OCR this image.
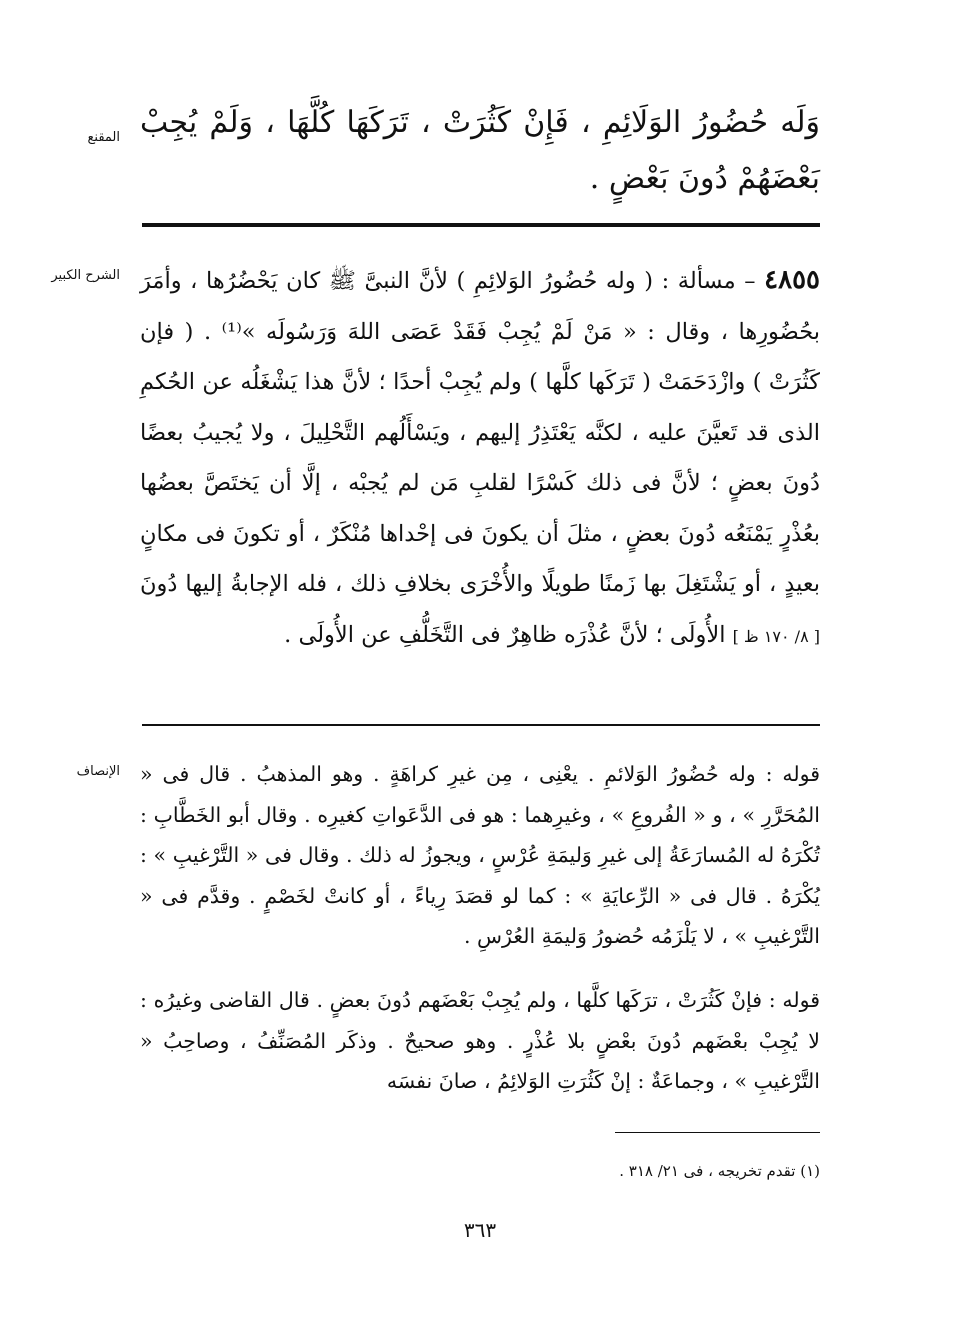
المقنع وَلَه حُضُورُ الوَلَائِمِ ، فَإِنْ كَثُرَتْ ، تَرَكَهَا كُلَّهَا ، وَلَمْ يُجِبْ بَعْضَهُمْ دُونَ بَعْضٍ .

الشرح الكبير	٤٨٥٥ – مسألة : ( وله حُضُورُ الوَلائِمِ ) لأنَّ النبىَّ ﷺ كان يَحْضُرُها ، وأمَرَ بحُضُورِها ، وقال : « مَنْ لَمْ يُجِبْ فَقَدْ عَصَى اللهَ وَرَسُولَه »⁽¹⁾ . ( فإن كَثُرَتْ ) وازْدَحَمَتْ ( تَرَكَها كلَّها ) ولم يُجِبْ أحدًا ؛ لأنَّ هذا يَشْغَلُه عن الحُكمِ الذى قد تَعيَّنَ عليه ، لكنَّه يَعْتَذِرُ إليهم ، ويَسْأَلُهم التَّحْلِيلَ ، ولا يُجيبُ بعضًا دُونَ بعضٍ ؛ لأنَّ فى ذلك كَسْرًا لقلبِ مَن لم يُجبْه ، إلَّا أن يَختَصَّ بعضُها بعُذْرٍ يَمْنَعُه دُونَ بعضٍ ، مثلَ أن يكونَ فى إحْداها مُنْكَرٌ ، أو تكونَ فى مكانٍ بعيدٍ ، أو يَشْتَغِلَ بها زَمنًا طويلًا والأُخْرَى بخلافِ ذلك ، فله الإجابةُ إليها دُونَ [ ٨/ ١٧٠ ظ ] الأُولَى ؛ لأنَّ عُذْرَه ظاهِرٌ فى التَّخَلُّفِ عن الأُولَى .

الإنصاف قوله : وله حُضُورُ الوَلائمِ . يعْنِى ، مِن غيرِ كراهَةٍ . وهو المذهبُ . قال فى « المُحَرَّرِ » ، و « الفُروعِ » ، وغيرِهما : هو فى الدَّعَواتِ كغيرِه . وقال أبو الخَطَّابِ : تُكْرَهُ له المُسارَعَةُ إلى غيرِ وَليمَةِ عُرْسٍ ، ويجوزُ له ذلك . وقال فى « التَّرْغيبِ » : يُكْرَهُ . قال فى « الرِّعايَةِ » : كما لو قصَدَ رِياءً ، أو كانتْ لخَصْمٍ . وقدَّم فى « التَّرْغيبِ » ، لا يَلْزَمُه حُضورُ وَليمَةِ العُرْسِ .

قوله : فإنْ كَثُرَتْ ، ترَكَها كلَّها ، ولم يُجِبْ بَعْضَهم دُونَ بعضٍ . قال القاضى وغيرُه : لا يُجِبْ بعْضَهم دُونَ بعْضٍ بلا عُذْرٍ . وهو صحيحٌ . وذكَر المُصَنِّفُ ، وصاحِبُ « التَّرْغيبِ » ، وجماعَةٌ : إنْ كَثُرَتِ الوَلائِمُ ، صانَ نفسَه

(١) تقدم تخريجه ، فى ٢١/ ٣١٨ .
٣٦٣
